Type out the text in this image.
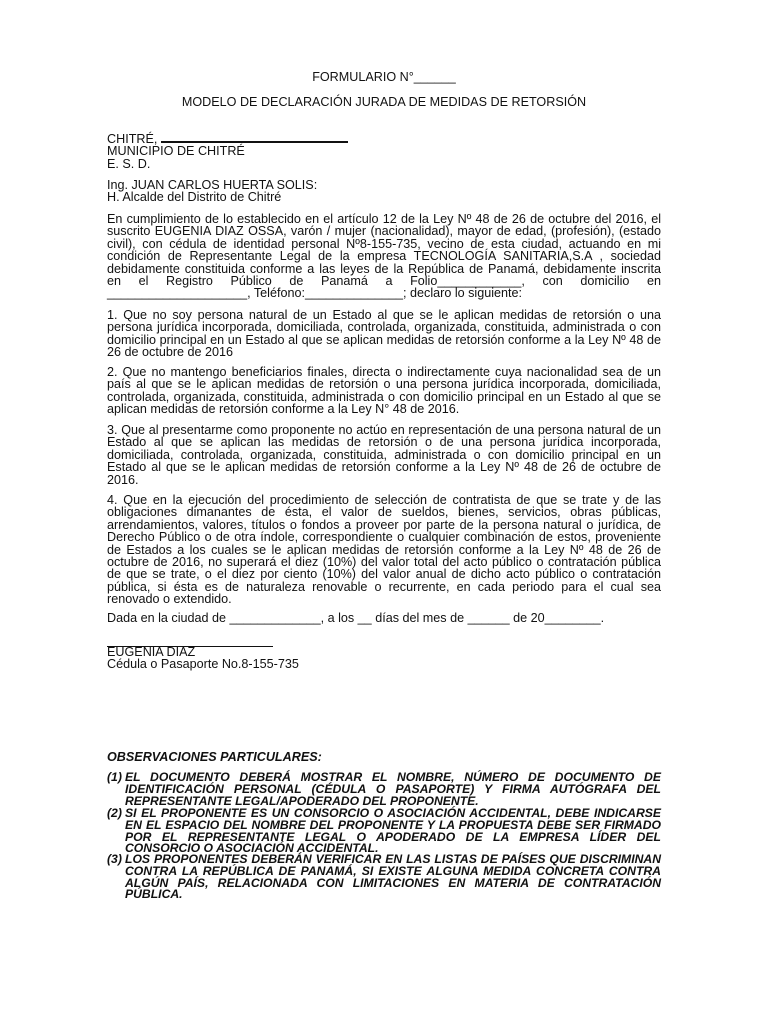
FORMULARIO N°______

MODELO DE DECLARACIÓN JURADA DE MEDIDAS DE RETORSIÓN

CHITRÉ,
MUNICIPIO DE CHITRÉ
E. S. D.
Ing. JUAN CARLOS HUERTA SOLIS:
H. Alcalde del Distrito de Chitré

En cumplimiento de lo establecido en el artículo 12 de la Ley Nº 48 de 26 de octubre del 2016, el suscrito EUGENIA DIAZ OSSA, varón / mujer (nacionalidad), mayor de edad, (profesión), (estado civil), con cédula de identidad personal Nº8-155-735, vecino de esta ciudad, actuando en mi condición de Representante Legal de la empresa TECNOLOGÍA SANITARIA,S.A , sociedad debidamente constituida conforme a las leyes de la República de Panamá, debidamente inscrita en el Registro Público de Panamá a Folio____________, con domicilio en ____________________, Teléfono:______________; declaro lo siguiente:

1. Que no soy persona natural de un Estado al que se le aplican medidas de retorsión o una persona jurídica incorporada, domiciliada, controlada, organizada, constituida, administrada o con domicilio principal en un Estado al que se aplican medidas de retorsión conforme a la Ley Nº 48 de 26 de octubre de 2016

2. Que no mantengo beneficiarios finales, directa o indirectamente cuya nacionalidad sea de un país al que se le aplican medidas de retorsión o una persona jurídica incorporada, domiciliada, controlada, organizada, constituida, administrada o con domicilio principal en un Estado al que se aplican medidas de retorsión conforme a la Ley N° 48 de 2016.

3. Que al presentarme como proponente no actúo en representación de una persona natural de un Estado al que se aplican las medidas de retorsión o de una persona jurídica incorporada, domiciliada, controlada, organizada, constituida, administrada o con domicilio principal en un Estado al que se le aplican medidas de retorsión conforme a la Ley Nº 48 de 26 de octubre de 2016.

4. Que en la ejecución del procedimiento de selección de contratista de que se trate y de las obligaciones dimanantes de ésta, el valor de sueldos, bienes, servicios, obras públicas, arrendamientos, valores, títulos o fondos a proveer por parte de la persona natural o jurídica, de Derecho Público o de otra índole, correspondiente o cualquier combinación de estos, proveniente de Estados a los cuales se le aplican medidas de retorsión conforme a la Ley Nº 48 de 26 de octubre de 2016, no superará el diez (10%) del valor total del acto público o contratación pública de que se trate, o el diez por ciento (10%) del valor anual de dicho acto público o contratación pública, si ésta es de naturaleza renovable o recurrente, en cada periodo para el cual sea renovado o extendido.

Dada en la ciudad de _____________, a los __ días del mes de ______ de 20________.

EUGENIA DIAZ
Cédula o Pasaporte No.8-155-735

OBSERVACIONES PARTICULARES:

(1) EL DOCUMENTO DEBERÁ MOSTRAR EL NOMBRE, NÚMERO DE DOCUMENTO DE IDENTIFICACIÓN PERSONAL (CÉDULA O PASAPORTE) Y FIRMA AUTÓGRAFA DEL REPRESENTANTE LEGAL/APODERADO DEL PROPONENTE.
(2) SI EL PROPONENTE ES UN CONSORCIO O ASOCIACIÓN ACCIDENTAL, DEBE INDICARSE EN EL ESPACIO DEL NOMBRE DEL PROPONENTE Y LA PROPUESTA DEBE SER FIRMADO POR EL REPRESENTANTE LEGAL O APODERADO DE LA EMPRESA LÍDER DEL CONSORCIO O ASOCIACIÓN ACCIDENTAL.
(3) LOS PROPONENTES DEBERÁN VERIFICAR EN LAS LISTAS DE PAÍSES QUE DISCRIMINAN CONTRA LA REPÚBLICA DE PANAMÁ, SI EXISTE ALGUNA MEDIDA CONCRETA CONTRA ALGÚN PAÍS, RELACIONADA CON LIMITACIONES EN MATERIA DE CONTRATACIÓN PÚBLICA.
